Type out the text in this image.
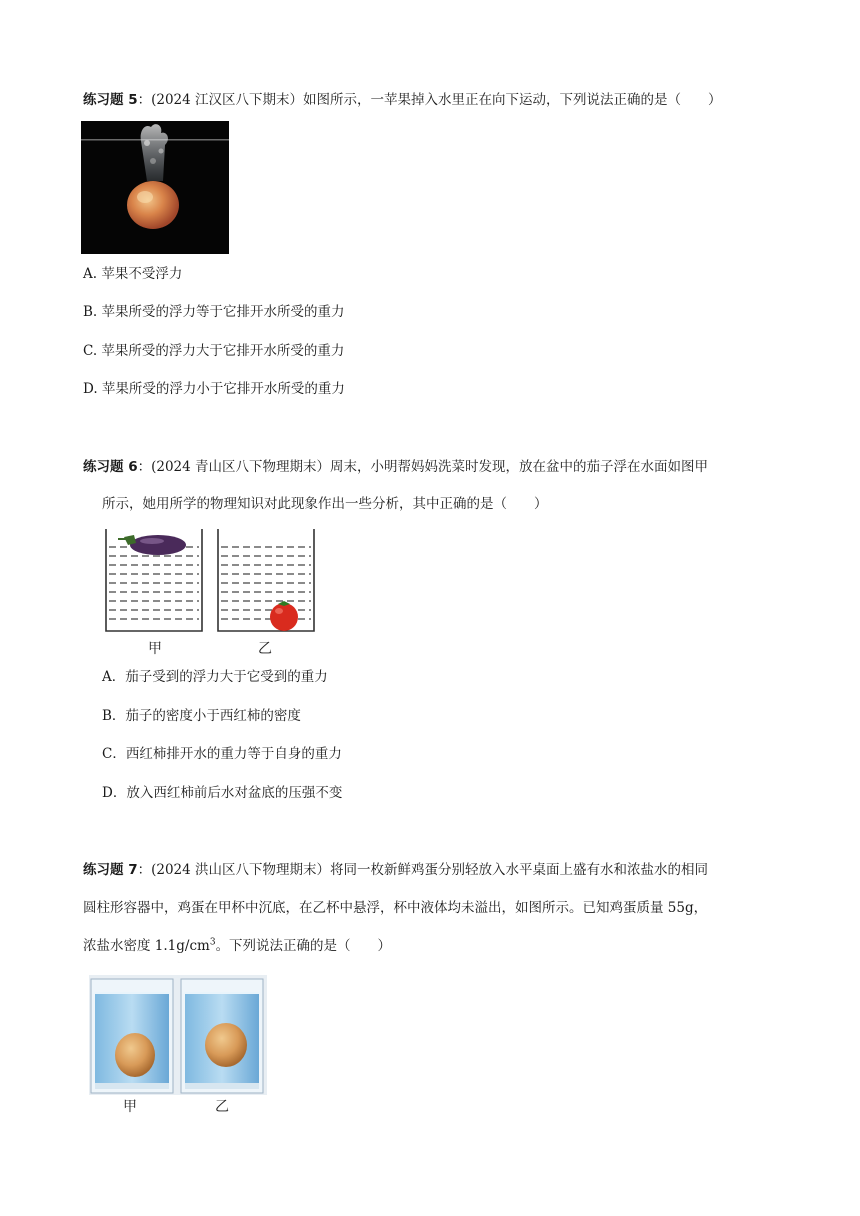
练习题 5：(2024 江汉区八下期末）如图所示，一苹果掉入水里正在向下运动，下列说法正确的是（　　）
A. 苹果不受浮力
B. 苹果所受的浮力等于它排开水所受的重力
C. 苹果所受的浮力大于它排开水所受的重力
D. 苹果所受的浮力小于它排开水所受的重力
练习题 6：(2024 青山区八下物理期末）周末，小明帮妈妈洗菜时发现，放在盆中的茄子浮在水面如图甲
所示，她用所学的物理知识对此现象作出一些分析，其中正确的是（　　）
甲	乙
A．茄子受到的浮力大于它受到的重力
B．茄子的密度小于西红柿的密度
C．西红柿排开水的重力等于自身的重力
D．放入西红柿前后水对盆底的压强不变
练习题 7：(2024 洪山区八下物理期末）将同一枚新鲜鸡蛋分别轻放入水平桌面上盛有水和浓盐水的相同
圆柱形容器中，鸡蛋在甲杯中沉底，在乙杯中悬浮，杯中液体均未溢出，如图所示。已知鸡蛋质量 55g，
浓盐水密度 $1.1g/cm^3$。下列说法正确的是（　　）
甲	乙
